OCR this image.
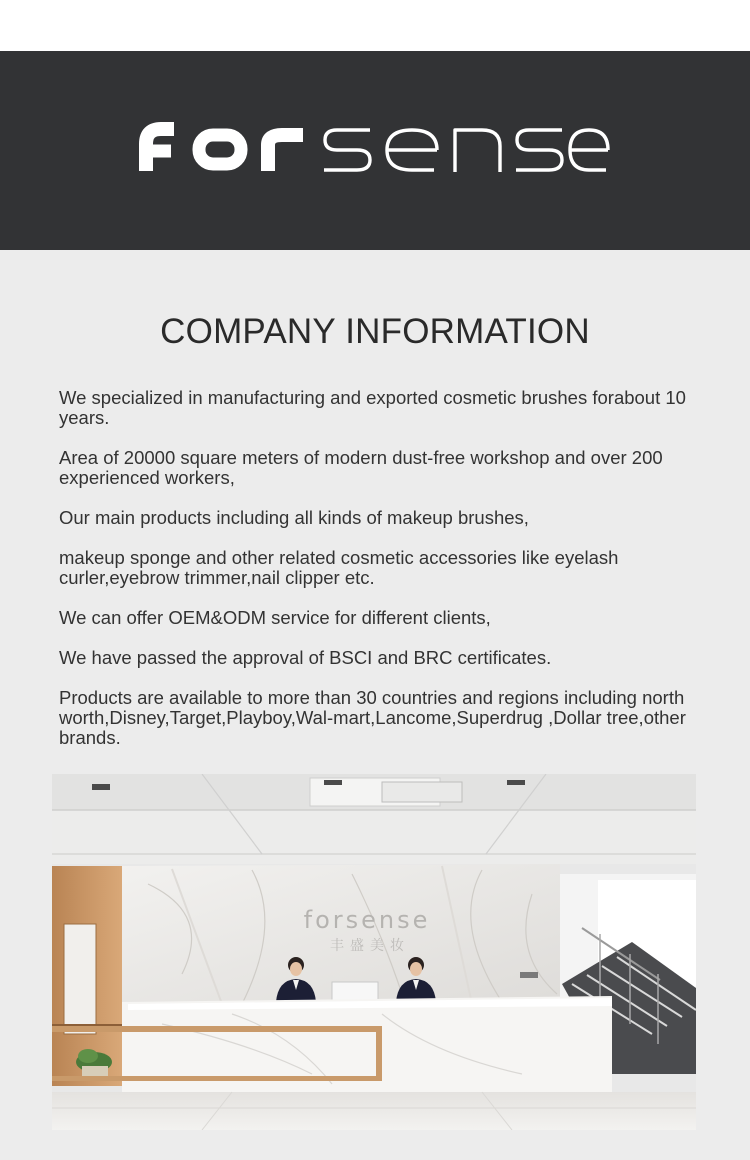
COMPANY INFORMATION

We specialized in manufacturing and exported cosmetic brushes forabout 10 years.

Area of 20000 square meters of modern dust-free workshop and over 200 experienced workers,

Our main products including all kinds of makeup brushes,

makeup sponge and other related cosmetic accessories like eyelash curler,eyebrow trimmer,nail clipper etc.

We can offer OEM&ODM service for different clients,

We have passed the approval of BSCI and BRC certificates.

Products are available to more than 30 countries and regions including north worth,Disney,Target,Playboy,Wal-mart,Lancome,Superdrug ,Dollar tree,other brands.

forsense
丰盛美妆
